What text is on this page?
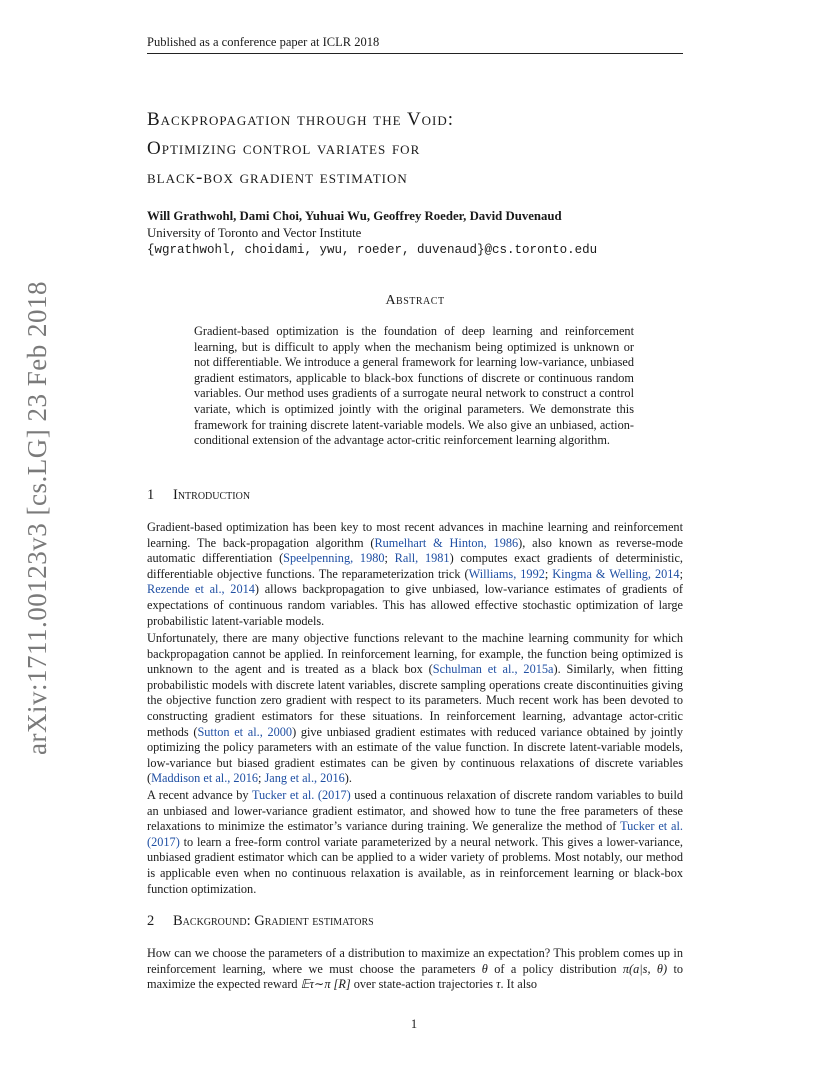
Published as a conference paper at ICLR 2018
arXiv:1711.00123v3 [cs.LG] 23 Feb 2018
Backpropagation through the Void:
Optimizing control variates for
black-box gradient estimation
Will Grathwohl, Dami Choi, Yuhuai Wu, Geoffrey Roeder, David Duvenaud
University of Toronto and Vector Institute
{wgrathwohl, choidami, ywu, roeder, duvenaud}@cs.toronto.edu
Abstract
Gradient-based optimization is the foundation of deep learning and reinforcement learning, but is difficult to apply when the mechanism being optimized is unknown or not differentiable. We introduce a general framework for learning low-variance, unbiased gradient estimators, applicable to black-box functions of discrete or continuous random variables. Our method uses gradients of a surrogate neural network to construct a control variate, which is optimized jointly with the original parameters. We demonstrate this framework for training discrete latent-variable models. We also give an unbiased, action-conditional extension of the advantage actor-critic reinforcement learning algorithm.
1 Introduction
Gradient-based optimization has been key to most recent advances in machine learning and reinforcement learning. The back-propagation algorithm (Rumelhart & Hinton, 1986), also known as reverse-mode automatic differentiation (Speelpenning, 1980; Rall, 1981) computes exact gradients of deterministic, differentiable objective functions. The reparameterization trick (Williams, 1992; Kingma & Welling, 2014; Rezende et al., 2014) allows backpropagation to give unbiased, low-variance estimates of gradients of expectations of continuous random variables. This has allowed effective stochastic optimization of large probabilistic latent-variable models.
Unfortunately, there are many objective functions relevant to the machine learning community for which backpropagation cannot be applied. In reinforcement learning, for example, the function being optimized is unknown to the agent and is treated as a black box (Schulman et al., 2015a). Similarly, when fitting probabilistic models with discrete latent variables, discrete sampling operations create discontinuities giving the objective function zero gradient with respect to its parameters. Much recent work has been devoted to constructing gradient estimators for these situations. In reinforcement learning, advantage actor-critic methods (Sutton et al., 2000) give unbiased gradient estimates with reduced variance obtained by jointly optimizing the policy parameters with an estimate of the value function. In discrete latent-variable models, low-variance but biased gradient estimates can be given by continuous relaxations of discrete variables (Maddison et al., 2016; Jang et al., 2016).
A recent advance by Tucker et al. (2017) used a continuous relaxation of discrete random variables to build an unbiased and lower-variance gradient estimator, and showed how to tune the free parameters of these relaxations to minimize the estimator’s variance during training. We generalize the method of Tucker et al. (2017) to learn a free-form control variate parameterized by a neural network. This gives a lower-variance, unbiased gradient estimator which can be applied to a wider variety of problems. Most notably, our method is applicable even when no continuous relaxation is available, as in reinforcement learning or black-box function optimization.
2 Background: Gradient estimators
How can we choose the parameters of a distribution to maximize an expectation? This problem comes up in reinforcement learning, where we must choose the parameters θ of a policy distribution π(a|s, θ) to maximize the expected reward 𝔼τ∼π [R] over state-action trajectories τ. It also
1
